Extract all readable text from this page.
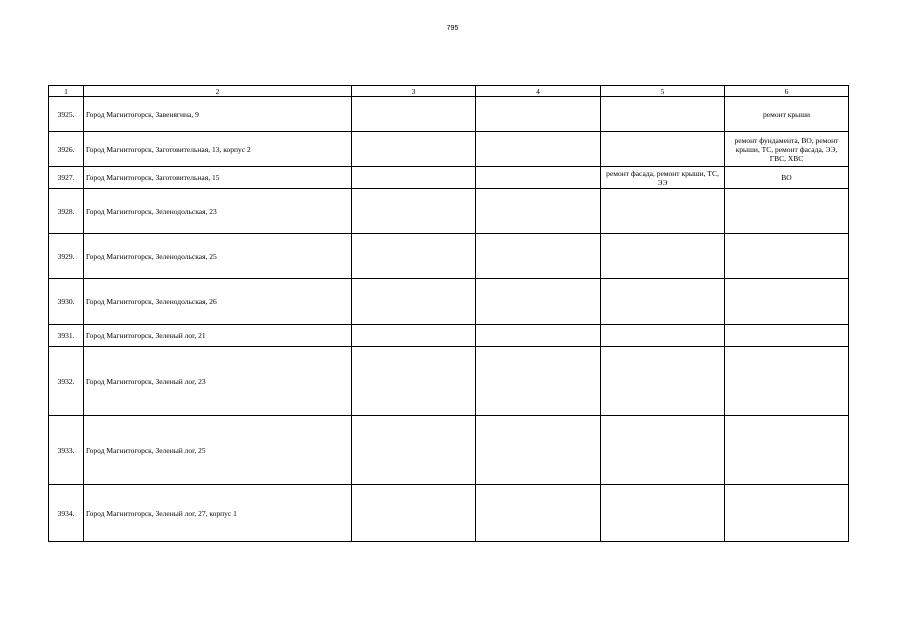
795
1	2	3	4	5	6
3925.	Город Магнитогорск, Завенягина, 9				ремонт крыши
3926.	Город Магнитогорск, Заготовительная, 13, корпус 2				ремонт фундамента, ВО, ремонт крыши, ТС, ремонт фасада, ЭЭ, ГВС, ХВС
3927.	Город Магнитогорск, Заготовительная, 15			ремонт фасада, ремонт крыши, ТС, ЭЭ	ВО
3928.	Город Магнитогорск, Зеленодольская, 23				
3929.	Город Магнитогорск, Зеленодольская, 25				
3930.	Город Магнитогорск, Зеленодольская, 26				
3931.	Город Магнитогорск, Зеленый лог, 21				
3932.	Город Магнитогорск, Зеленый лог, 23				
3933.	Город Магнитогорск, Зеленый лог, 25				
3934.	Город Магнитогорск, Зеленый лог, 27, корпус 1				
